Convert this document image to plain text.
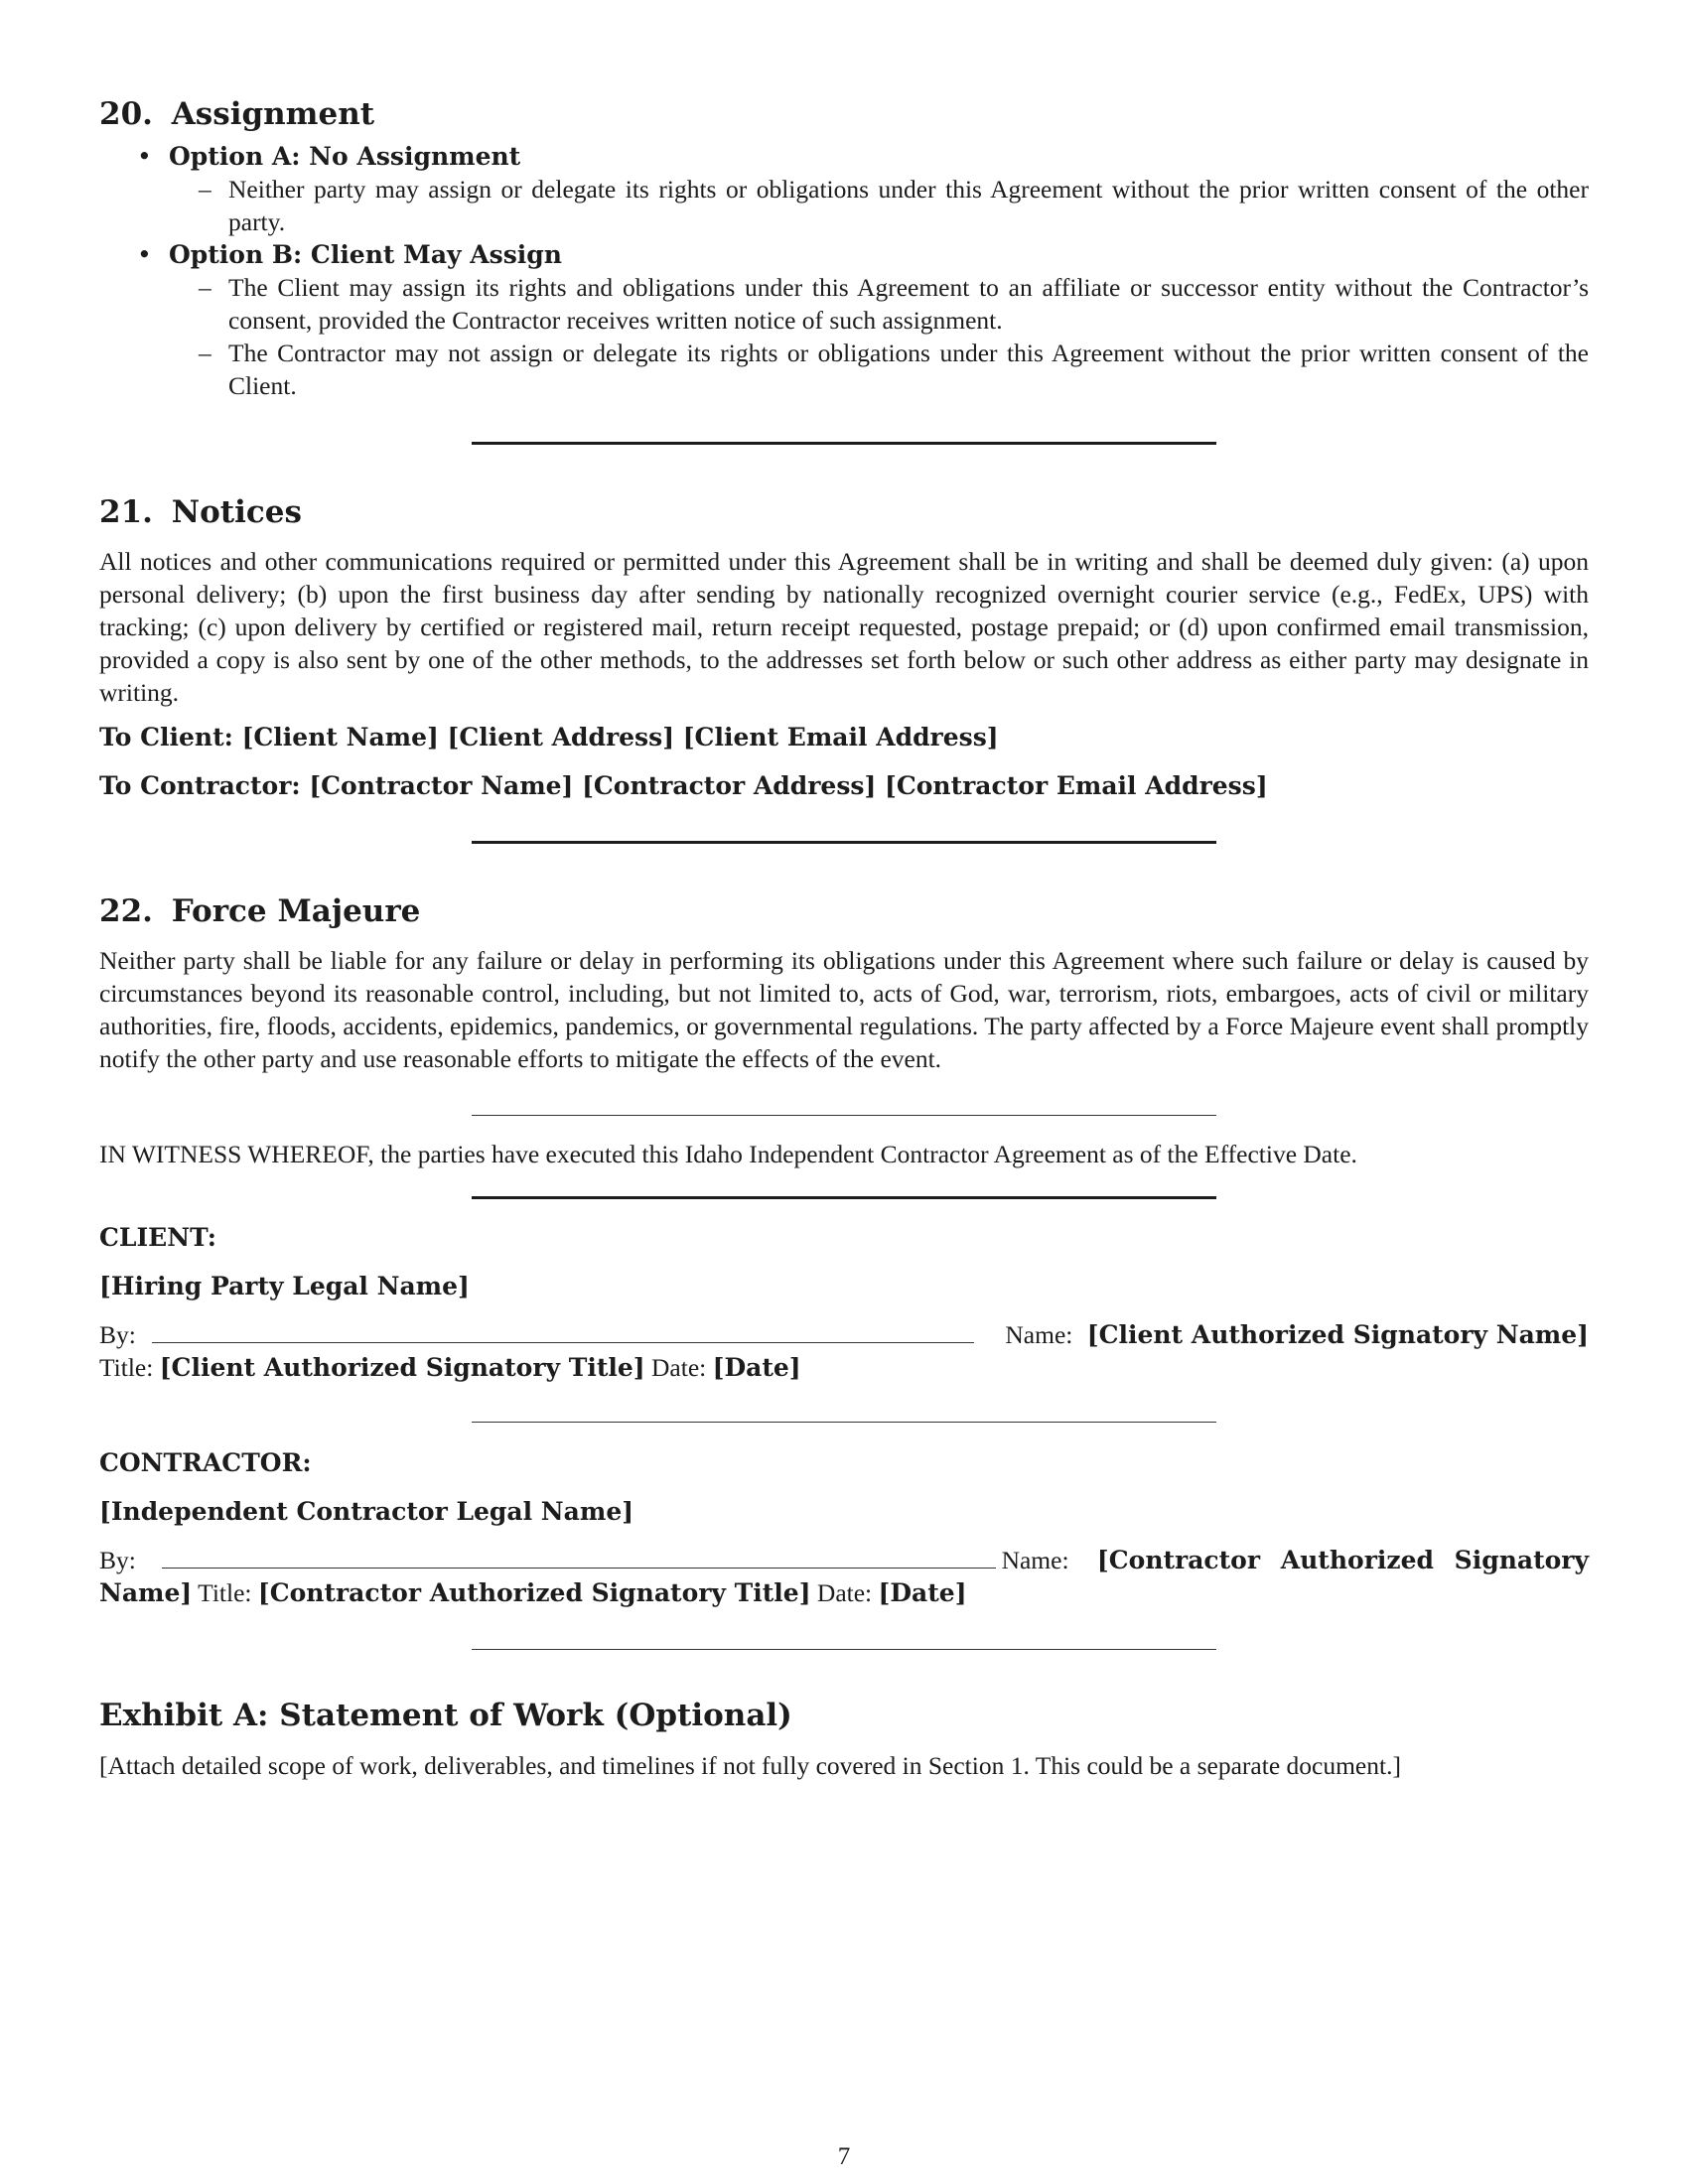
20. Assignment
• Option A: No Assignment
– Neither party may assign or delegate its rights or obligations under this Agreement without the prior written consent of the other party.

• Option B: Client May Assign
– The Client may assign its rights and obligations under this Agreement to an affiliate or successor entity without the Contractor’s consent, provided the Contractor receives written notice of such assignment.

– The Contractor may not assign or delegate its rights or obligations under this Agreement without the prior written consent of the Client.

21. Notices

All notices and other communications required or permitted under this Agreement shall be in writing and shall be deemed duly given: (a) upon personal delivery; (b) upon the first business day after sending by nationally recognized overnight courier service (e.g., FedEx, UPS) with tracking; (c) upon delivery by certified or registered mail, return receipt requested, postage prepaid; or (d) upon confirmed email transmission, provided a copy is also sent by one of the other methods, to the addresses set forth below or such other address as either party may designate in writing.

To Client: [Client Name] [Client Address] [Client Email Address]
To Contractor: [Contractor Name] [Contractor Address] [Contractor Email Address]
22. Force Majeure

Neither party shall be liable for any failure or delay in performing its obligations under this Agreement where such failure or delay is caused by circumstances beyond its reasonable control, including, but not limited to, acts of God, war, terrorism, riots, embargoes, acts of civil or military authorities, fire, floods, accidents, epidemics, pandemics, or governmental regulations. The party affected by a Force Majeure event shall promptly notify the other party and use reasonable efforts to mitigate the effects of the event.

IN WITNESS WHEREOF, the parties have executed this Idaho Independent Contractor Agreement as of the Effective Date.

CLIENT:
[Hiring Party Legal Name]
By:	Name: [Client Authorized Signatory Name]
Title: [Client Authorized Signatory Title] Date: [Date]
CONTRACTOR:
[Independent Contractor Legal Name]
By:	Name: [Contractor Authorized Signatory
Name] Title: [Contractor Authorized Signatory Title] Date: [Date]
Exhibit A: Statement of Work (Optional)

[Attach detailed scope of work, deliverables, and timelines if not fully covered in Section 1. This could be a separate document.]

7
